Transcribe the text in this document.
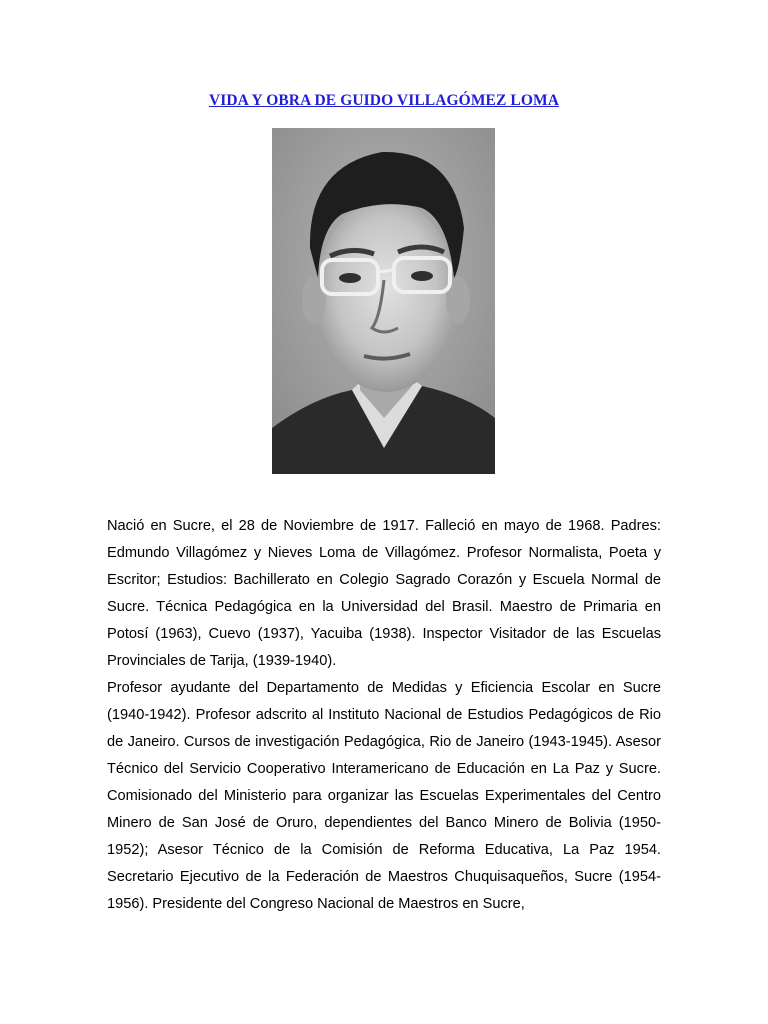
VIDA Y OBRA DE GUIDO VILLAGÓMEZ LOMA

Nació en Sucre, el 28 de Noviembre de 1917. Falleció en mayo de 1968. Padres: Edmundo Villagómez y Nieves Loma de Villagómez. Profesor Normalista, Poeta y Escritor; Estudios: Bachillerato en Colegio Sagrado Corazón y Escuela Normal de Sucre. Técnica Pedagógica en la Universidad del Brasil. Maestro de Primaria en Potosí (1963), Cuevo (1937), Yacuiba (1938). Inspector Visitador de las Escuelas Provinciales de Tarija, (1939-1940).

Profesor ayudante del Departamento de Medidas y Eficiencia Escolar en Sucre (1940-1942). Profesor adscrito al Instituto Nacional de Estudios Pedagógicos de Rio de Janeiro. Cursos de investigación Pedagógica, Rio de Janeiro (1943-1945). Asesor Técnico del Servicio Cooperativo Interamericano de Educación en La Paz y Sucre. Comisionado del Ministerio para organizar las Escuelas Experimentales del Centro Minero de San José de Oruro, dependientes del Banco Minero de Bolivia (1950-1952); Asesor Técnico de la Comisión de Reforma Educativa, La Paz 1954. Secretario Ejecutivo de la Federación de Maestros Chuquisaqueños, Sucre (1954-1956). Presidente del Congreso Nacional de Maestros en Sucre,
